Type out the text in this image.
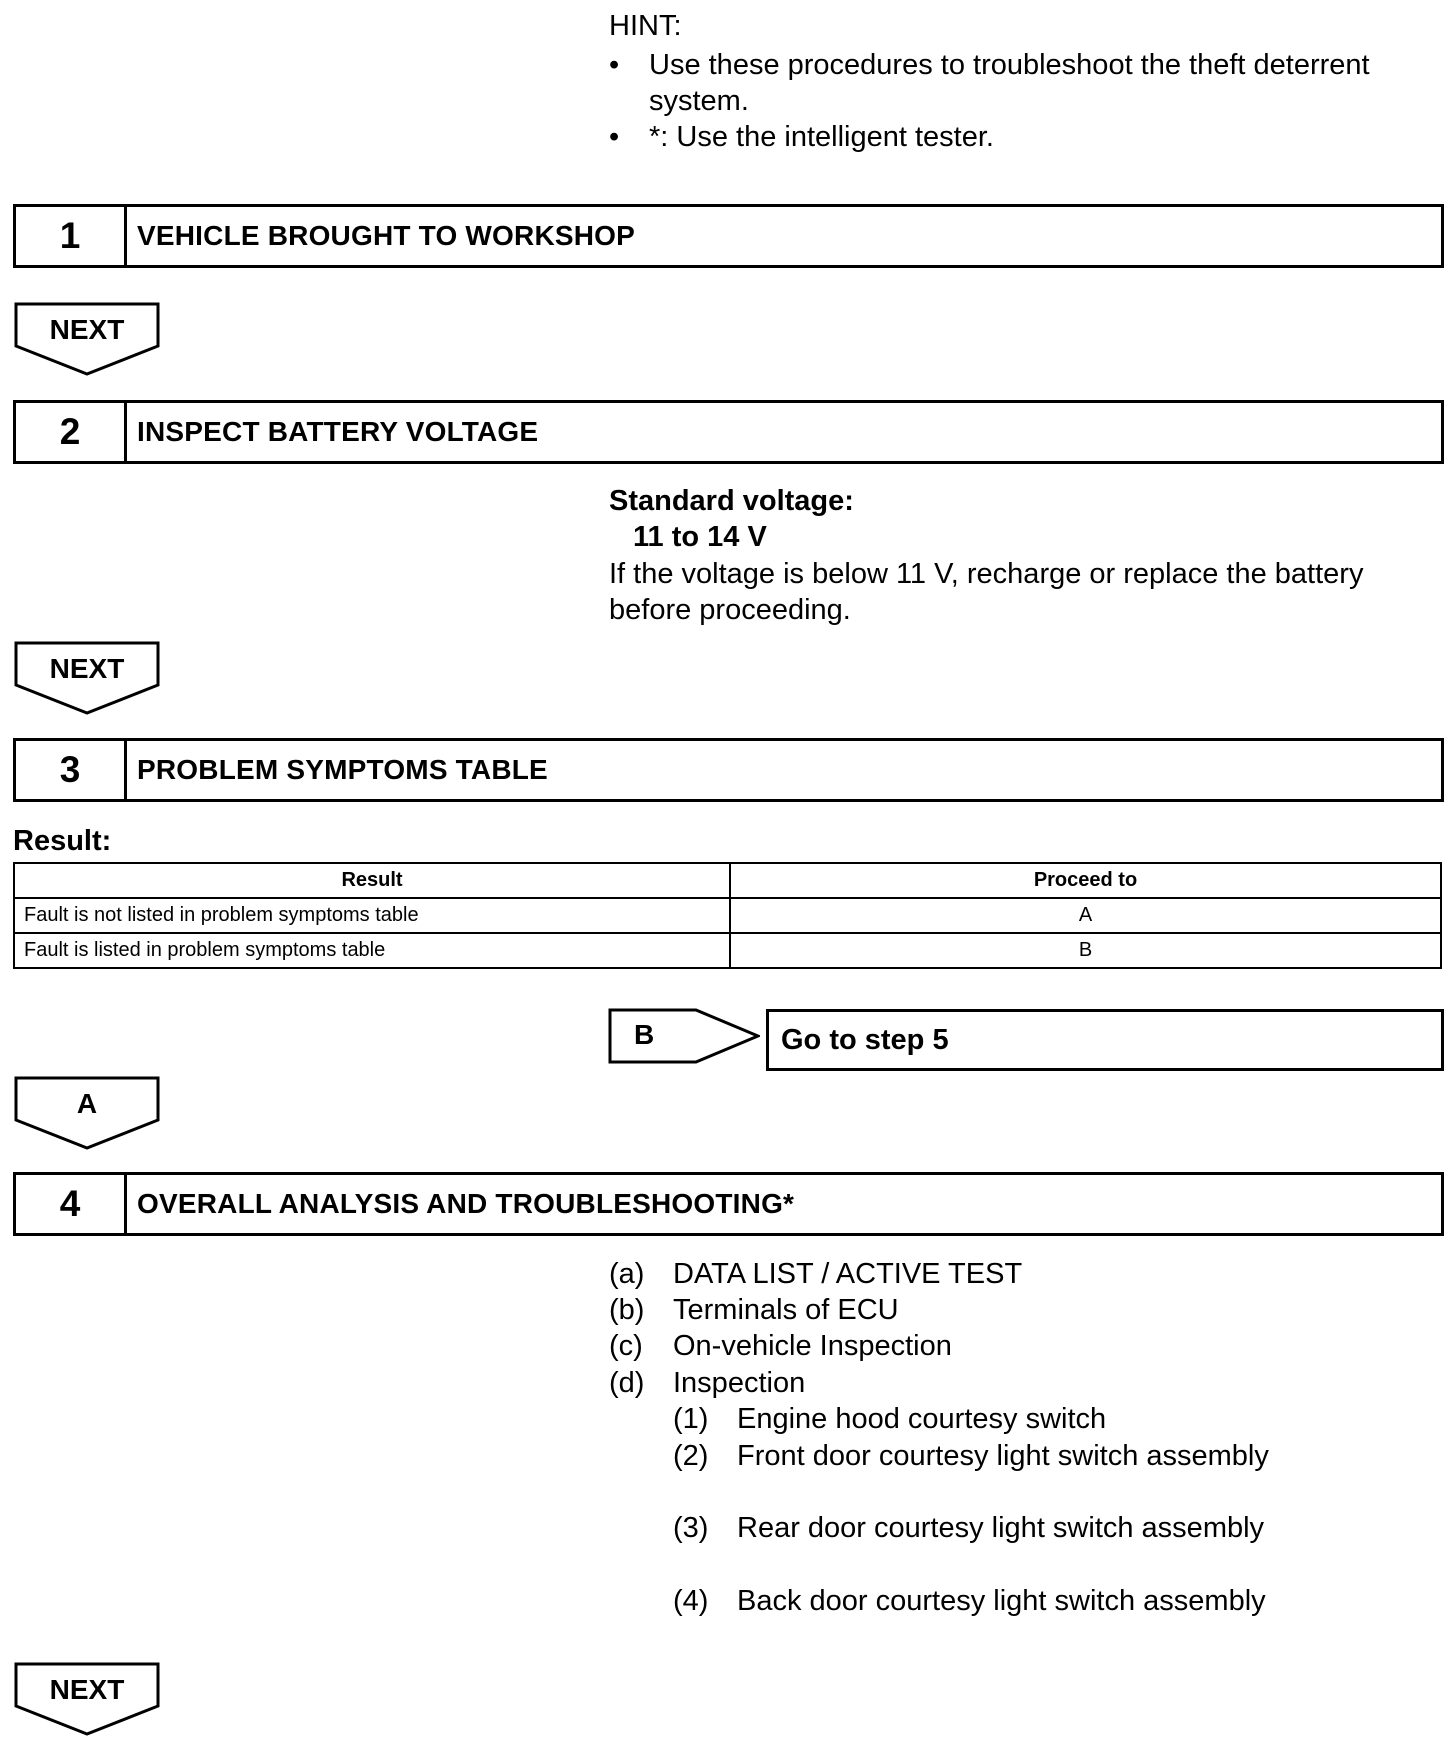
HINT:
• Use these procedures to troubleshoot the theft deterrent
system.
• *: Use the intelligent tester.
1	VEHICLE BROUGHT TO WORKSHOP
NEXT
2	INSPECT BATTERY VOLTAGE
Standard voltage:
11 to 14 V
If the voltage is below 11 V, recharge or replace the battery
before proceeding.
NEXT
3	PROBLEM SYMPTOMS TABLE
Result:
Result	Proceed to
Fault is not listed in problem symptoms table	A
Fault is listed in problem symptoms table	B
B	Go to step 5
A
4	OVERALL ANALYSIS AND TROUBLESHOOTING*
(a) DATA LIST / ACTIVE TEST
(b) Terminals of ECU
(c) On-vehicle Inspection
(d) Inspection
(1) Engine hood courtesy switch
(2) Front door courtesy light switch assembly
(3) Rear door courtesy light switch assembly
(4) Back door courtesy light switch assembly
NEXT
